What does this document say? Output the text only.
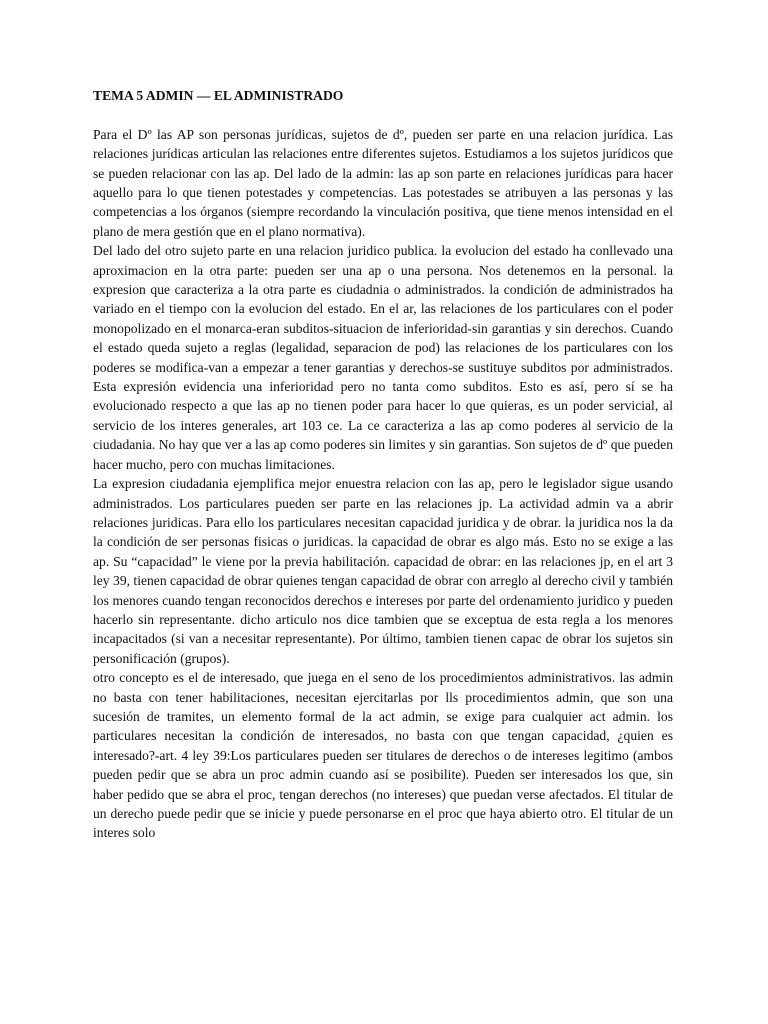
TEMA 5 ADMIN — EL ADMINISTRADO

Para el Dº las AP son personas jurídicas, sujetos de dº, pueden ser parte en una relacion jurídica. Las relaciones jurídicas articulan las relaciones entre diferentes sujetos. Estudiamos a los sujetos jurídicos que se pueden relacionar con las ap. Del lado de la admin: las ap son parte en relaciones jurídicas para hacer aquello para lo que tienen potestades y competencias. Las potestades se atribuyen a las personas y las competencias a los órganos (siempre recordando la vinculación positiva, que tiene menos intensidad en el plano de mera gestión que en el plano normativa).

Del lado del otro sujeto parte en una relacion juridico publica. la evolucion del estado ha conllevado una aproximacion en la otra parte: pueden ser una ap o una persona. Nos detenemos en la personal. la expresion que caracteriza a la otra parte es ciudadnia o administrados. la condición de administrados ha variado en el tiempo con la evolucion del estado. En el ar, las relaciones de los particulares con el poder monopolizado en el monarca-eran subditos-situacion de inferioridad-sin garantias y sin derechos. Cuando el estado queda sujeto a reglas (legalidad, separacion de pod) las relaciones de los particulares con los poderes se modifica-van a empezar a tener garantias y derechos-se sustituye subditos por administrados. Esta expresión evidencia una inferioridad pero no tanta como subditos. Esto es así, pero sí se ha evolucionado respecto a que las ap no tienen poder para hacer lo que quieras, es un poder servicial, al servicio de los interes generales, art 103 ce. La ce caracteriza a las ap como poderes al servicio de la ciudadania. No hay que ver a las ap como poderes sin limites y sin garantias. Son sujetos de dº que pueden hacer mucho, pero con muchas limitaciones.

La expresion ciudadania ejemplifica mejor enuestra relacion con las ap, pero le legislador sigue usando administrados. Los particulares pueden ser parte en las relaciones jp. La actividad admin va a abrir relaciones juridicas. Para ello los particulares necesitan capacidad juridica y de obrar. la juridica nos la da la condición de ser personas fisicas o juridicas. la capacidad de obrar es algo más. Esto no se exige a las ap. Su “capacidad” le viene por la previa habilitación. capacidad de obrar: en las relaciones jp, en el art 3 ley 39, tienen capacidad de obrar quienes tengan capacidad de obrar con arreglo al derecho civil y también los menores cuando tengan reconocidos derechos e intereses por parte del ordenamiento juridico y pueden hacerlo sin representante. dicho articulo nos dice tambien que se exceptua de esta regla a los menores incapacitados (si van a necesitar representante). Por último, tambien tienen capac de obrar los sujetos sin personificación (grupos).

otro concepto es el de interesado, que juega en el seno de los procedimientos administrativos. las admin no basta con tener habilitaciones, necesitan ejercitarlas por lls procedimientos admin, que son una sucesión de tramites, un elemento formal de la act admin, se exige para cualquier act admin. los particulares necesitan la condición de interesados, no basta con que tengan capacidad, ¿quien es interesado?-art. 4 ley 39:Los particulares pueden ser titulares de derechos o de intereses legitimo (ambos pueden pedir que se abra un proc admin cuando así se posibilite). Pueden ser interesados los que, sin haber pedido que se abra el proc, tengan derechos (no intereses) que puedan verse afectados. El titular de un derecho puede pedir que se inicie y puede personarse en el proc que haya abierto otro. El titular de un interes solo
